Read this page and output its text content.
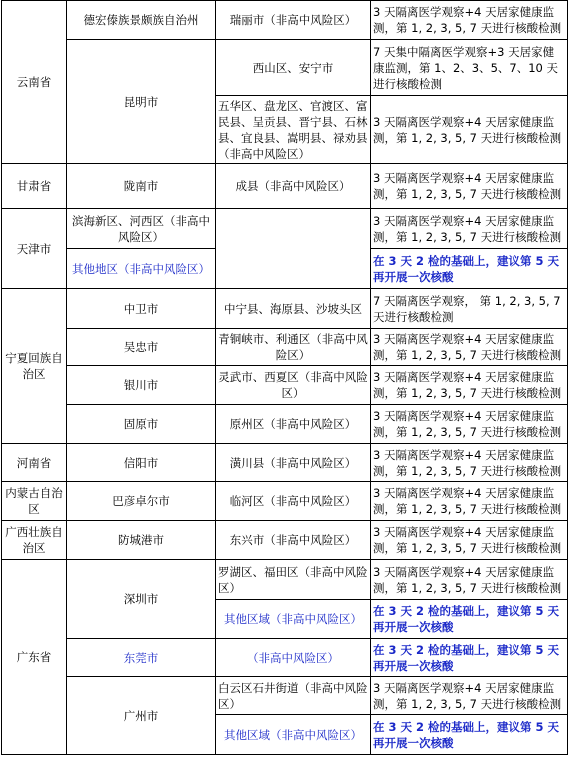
云南省	德宏傣族景颇族自治州	瑞丽市（非高中风险区）	3 天隔离医学观察+4 天居家健康监测，第 1, 2, 3, 5, 7 天进行核酸检测
	昆明市	西山区、安宁市	7 天集中隔离医学观察+3 天居家健康监测，第 1、2、3、5、7、10 天进行核酸检测
		五华区、盘龙区、官渡区、富民县、呈贡县、晋宁县、石林县、宜良县、嵩明县、禄劝县（非高中风险区）	3 天隔离医学观察+4 天居家健康监测，第 1, 2, 3, 5, 7 天进行核酸检测
甘肃省	陇南市	成县（非高中风险区）	3 天隔离医学观察+4 天居家健康监测，第 1, 2, 3, 5, 7 天进行核酸检测
天津市	滨海新区、河西区（非高中风险区）		3 天隔离医学观察+4 天居家健康监测，第 1, 2, 3, 5, 7 天进行核酸检测
	其他地区（非高中风险区）		在 3 天 2 检的基础上，建议第 5 天再开展一次核酸
宁夏回族自治区	中卫市	中宁县、海原县、沙坡头区	7 天隔离医学观察， 第 1, 2, 3, 5, 7 天进行核酸检测
	吴忠市	青铜峡市、利通区（非高中风险区）	3 天隔离医学观察+4 天居家健康监测，第 1, 2, 3, 5, 7 天进行核酸检测
	银川市	灵武市、西夏区（非高中风险区）	3 天隔离医学观察+4 天居家健康监测，第 1, 2, 3, 5, 7 天进行核酸检测
	固原市	原州区（非高中风险区）	3 天隔离医学观察+4 天居家健康监测，第 1, 2, 3, 5, 7 天进行核酸检测
河南省	信阳市	潢川县（非高中风险区）	3 天隔离医学观察+4 天居家健康监测，第 1, 2, 3, 5, 7 天进行核酸检测
内蒙古自治区	巴彦卓尔市	临河区（非高中风险区）	3 天隔离医学观察+4 天居家健康监测，第 1, 2, 3, 5, 7 天进行核酸检测
广西壮族自治区	防城港市	东兴市（非高中风险区）	3 天隔离医学观察+4 天居家健康监测，第 1, 2, 3, 5, 7 天进行核酸检测
广东省	深圳市	罗湖区、福田区（非高中风险区）	3 天隔离医学观察+4 天居家健康监测，第 1, 2, 3, 5, 7 天进行核酸检测
		其他区域（非高中风险区）	在 3 天 2 检的基础上，建议第 5 天再开展一次核酸
	东莞市	（非高中风险区）	在 3 天 2 检的基础上，建议第 5 天再开展一次核酸
	广州市	白云区石井街道（非高中风险区）	3 天隔离医学观察+4 天居家健康监测，第 1, 2, 3, 5, 7 天进行核酸检测
		其他区域（非高中风险区）	在 3 天 2 检的基础上，建议第 5 天再开展一次核酸
